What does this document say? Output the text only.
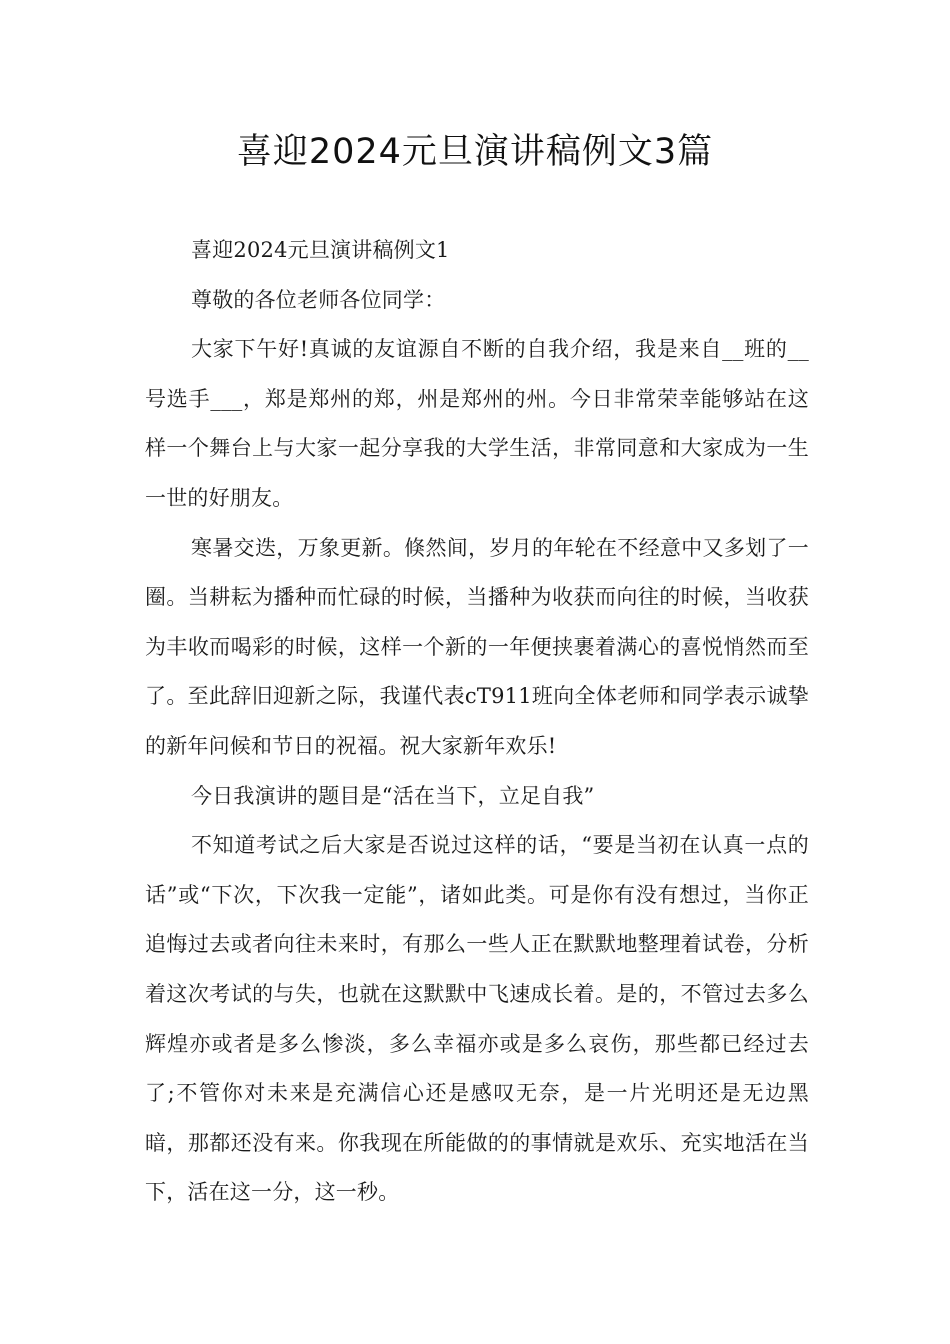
喜迎2024元旦演讲稿例文3篇

喜迎2024元旦演讲稿例文1

尊敬的各位老师各位同学：

大家下午好!真诚的友谊源自不断的自我介绍，我是来自__班的__号选手___，郑是郑州的郑，州是郑州的州。今日非常荣幸能够站在这样一个舞台上与大家一起分享我的大学生活，非常同意和大家成为一生一世的好朋友。

寒暑交迭，万象更新。倏然间，岁月的年轮在不经意中又多划了一圈。当耕耘为播种而忙碌的时候，当播种为收获而向往的时候，当收获为丰收而喝彩的时候，这样一个新的一年便挟裹着满心的喜悦悄然而至了。至此辞旧迎新之际，我谨代表cT911班向全体老师和同学表示诚挚的新年问候和节日的祝福。祝大家新年欢乐!

今日我演讲的题目是“活在当下，立足自我”

不知道考试之后大家是否说过这样的话，“要是当初在认真一点的话”或“下次，下次我一定能”，诸如此类。可是你有没有想过，当你正追悔过去或者向往未来时，有那么一些人正在默默地整理着试卷，分析着这次考试的与失，也就在这默默中飞速成长着。是的，不管过去多么辉煌亦或者是多么惨淡，多么幸福亦或是多么哀伤，那些都已经过去了;不管你对未来是充满信心还是感叹无奈，是一片光明还是无边黑暗，那都还没有来。你我现在所能做的的事情就是欢乐、充实地活在当下，活在这一分，这一秒。
